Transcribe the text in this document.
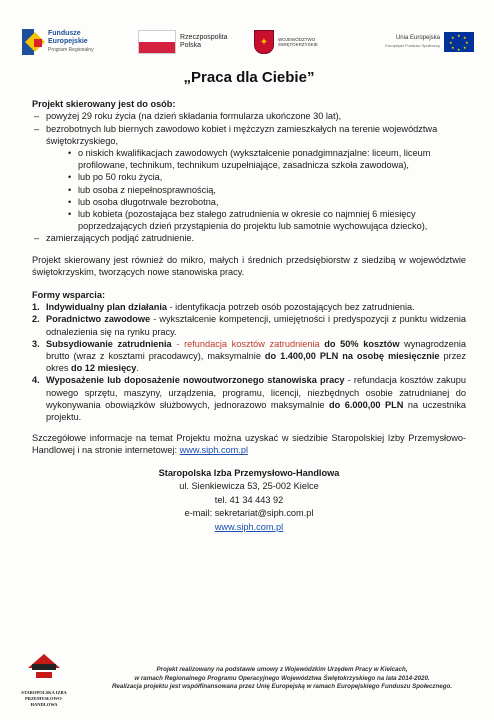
Fundusze Europejskie
Program Regionalny
Rzeczpospolita Polska	✦	WOJEWÓDZTWO ŚWIĘTOKRZYSKIE
Unia Europejska
Europejski Fundusz Społeczny
★ ★
★
★
★
★
★
★
„Praca dla Ciebie”

Projekt skierowany jest do osób:

– powyżej 29 roku życia (na dzień składania formularza ukończone 30 lat),
– bezrobotnych lub biernych zawodowo kobiet i mężczyzn zamieszkałych na terenie województwa świętokrzyskiego,
• o niskich kwalifikacjach zawodowych (wykształcenie ponadgimnazjalne: liceum, liceum profilowane, technikum, technikum uzupełniające, zasadnicza szkoła zawodowa),
• lub po 50 roku życia,
• lub osoba z niepełnosprawnością,
• lub osoba długotrwale bezrobotna,
• lub kobieta (pozostająca bez stałego zatrudnienia w okresie co najmniej 6 miesięcy poprzedzających dzień przystąpienia do projektu lub samotnie wychowująca dziecko),
– zamierzających podjąć zatrudnienie.

Projekt skierowany jest również do mikro, małych i średnich przedsiębiorstw z siedzibą w województwie świętokrzyskim, tworzących nowe stanowiska pracy.

Formy wsparcia:

1. Indywidualny plan działania - identyfikacja potrzeb osób pozostających bez zatrudnienia.
2. Poradnictwo zawodowe - wykształcenie kompetencji, umiejętności i predyspozycji z punktu widzenia odnalezienia się na rynku pracy.
3. Subsydiowanie zatrudnienia - refundacja kosztów zatrudnienia do 50% kosztów wynagrodzenia brutto (wraz z kosztami pracodawcy), maksymalnie do 1.400,00 PLN na osobę miesięcznie przez okres do 12 miesięcy.
4. Wyposażenie lub doposażenie nowoutworzonego stanowiska pracy - refundacja kosztów zakupu nowego sprzętu, maszyny, urządzenia, programu, licencji, niezbędnych osobie zatrudnianej do wykonywania obowiązków służbowych, jednorazowo maksymalnie do 6.000,00 PLN na uczestnika projektu.

Szczegółowe informacje na temat Projektu można uzyskać w siedzibie Staropolskiej Izby Przemysłowo-Handlowej i na stronie internetowej: www.siph.com.pl

Staropolska Izba Przemysłowo-Handlowa
ul. Sienkiewicza 53, 25-002 Kielce
tel. 41 34 443 92
e-mail: sekretariat@siph.com.pl
www.siph.com.pl
STAROPOLSKA IZBA PRZEMYSŁOWO-HANDLOWA
Projekt realizowany na podstawie umowy z Wojewódzkim Urzędem Pracy w Kielcach,
w ramach Regionalnego Programu Operacyjnego Województwa Świętokrzyskiego na lata 2014-2020.
Realizacja projektu jest współfinansowana przez Unię Europejską w ramach Europejskiego Funduszu Społecznego.
